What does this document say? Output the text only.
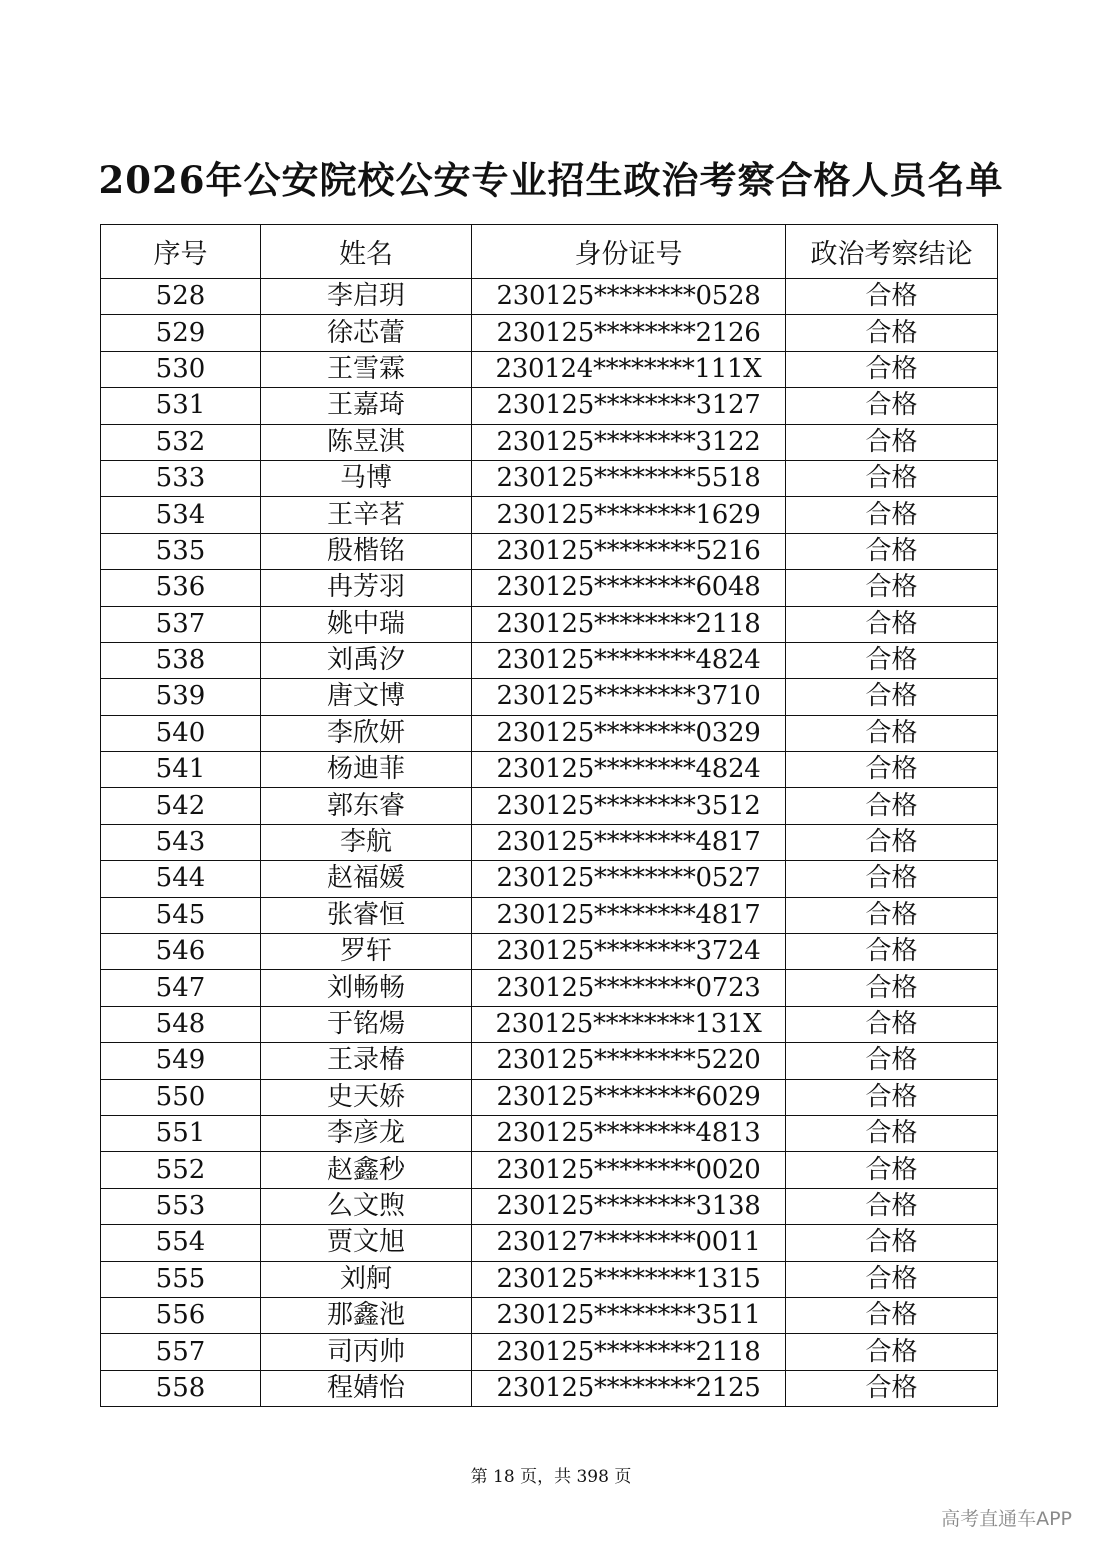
2026年公安院校公安专业招生政治考察合格人员名单
序号	姓名	身份证号	政治考察结论
528	李启玥	230125********0528	合格
529	徐芯蕾	230125********2126	合格
530	王雪霖	230124********111X	合格
531	王嘉琦	230125********3127	合格
532	陈昱淇	230125********3122	合格
533	马博	230125********5518	合格
534	王辛茗	230125********1629	合格
535	殷楷铭	230125********5216	合格
536	冉芳羽	230125********6048	合格
537	姚中瑞	230125********2118	合格
538	刘禹汐	230125********4824	合格
539	唐文博	230125********3710	合格
540	李欣妍	230125********0329	合格
541	杨迪菲	230125********4824	合格
542	郭东睿	230125********3512	合格
543	李航	230125********4817	合格
544	赵福媛	230125********0527	合格
545	张睿恒	230125********4817	合格
546	罗轩	230125********3724	合格
547	刘畅畅	230125********0723	合格
548	于铭煬	230125********131X	合格
549	王录椿	230125********5220	合格
550	史天娇	230125********6029	合格
551	李彦龙	230125********4813	合格
552	赵鑫秒	230125********0020	合格
553	么文煦	230125********3138	合格
554	贾文旭	230127********0011	合格
555	刘舸	230125********1315	合格
556	那鑫池	230125********3511	合格
557	司丙帅	230125********2118	合格
558	程婧怡	230125********2125	合格
第 18 页，共 398 页
高考直通车APP
